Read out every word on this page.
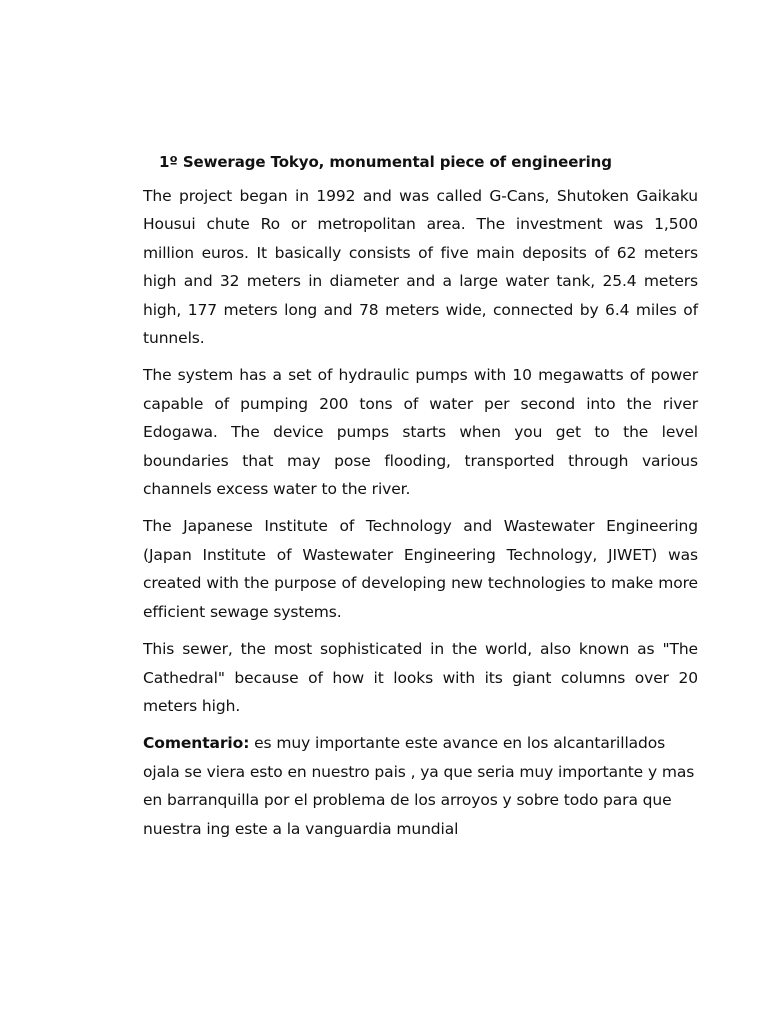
1º Sewerage Tokyo, monumental piece of engineering

The project began in 1992 and was called G-Cans, Shutoken Gaikaku Housui chute Ro or metropolitan area. The investment was 1,500 million euros. It basically consists of five main deposits of 62 meters high and 32 meters in diameter and a large water tank, 25.4 meters high, 177 meters long and 78 meters wide, connected by 6.4 miles of tunnels.

The system has a set of hydraulic pumps with 10 megawatts of power capable of pumping 200 tons of water per second into the river Edogawa. The device pumps starts when you get to the level boundaries that may pose flooding, transported through various channels excess water to the river.

The Japanese Institute of Technology and Wastewater Engineering (Japan Institute of Wastewater Engineering Technology, JIWET) was created with the purpose of developing new technologies to make more efficient sewage systems.

This sewer, the most sophisticated in the world, also known as "The Cathedral" because of how it looks with its giant columns over 20 meters high.

Comentario: es muy importante este avance en los alcantarillados ojala se viera esto en nuestro pais , ya que seria muy importante y mas en barranquilla por el problema de los arroyos y sobre todo para que nuestra ing este a la vanguardia mundial
